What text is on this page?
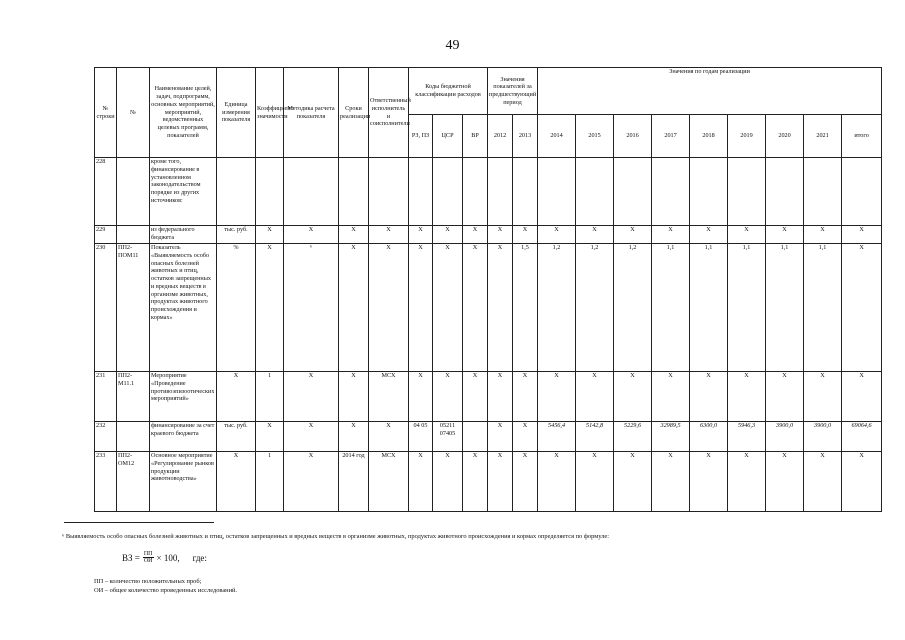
49
№ строки	№	Наименование целей, задач, подпрограмм, основных мероприятий, мероприятий, ведомственных целевых программ, показателей	Единица измерения показателя	Коэффициент значимости	Методика расчета показателя	Сроки реализации	Ответственный исполнитель и соисполнители	Коды бюджетной классификации расходов			Значения показателей за предшествующий период		Значения по годам реализации								
								РЗ, ПЗ	ЦСР	ВР	2012	2013	2014	2015	2016	2017	2018	2019	2020	2021	итого
228		кроме того, финансирование в установленном законодательством порядке из других источников:																			
229		из федерального бюджета	тыс. руб.	X	X	X	X	X	X	X	X	X	X	X	X	X	X	X	X	X	X
230	ПП2-ПОМ11	Показатель «Выявляемость особо опасных болезней животных и птиц, остатков запрещенных и вредных веществ в организме животных, продуктах животного происхождения и кормах»	%	X	⁶	X	X	X	X	X	X	1,5	1,2	1,2	1,2	1,1	1,1	1,1	1,1	1,1	X
231	ПП2-М11.1	Мероприятие «Проведение противоэпизоотических мероприятий»	X	1	X	X	МСХ	X	X	X	X	X	X	X	X	X	X	X	X	X	X
232		финансирование за счет краевого бюджета	тыс. руб.	X	X	X	X	04 05	05211 07405		X	X	5456,4	5142,8	5229,6	32989,5	6300,0	5946,3	3900,0	3900,0	69064,6
233	ПП2-ОМ12	Основное мероприятие «Регулирование рынков продукции животноводства»	X	1	X	2014 год	МСХ	X	X	X	X	X	X	X	X	X	X	X	X	X	X
⁶ Выявляемость особо опасных болезней животных и птиц, остатков запрещенных и вредных веществ в организме животных, продуктах животного происхождения и кормах определяется по формуле:
ВЗ = $\frac{ПП}{ОИ} \times 100$, где:
ПП – количество положительных проб;
ОИ – общее количество проведенных исследований.
